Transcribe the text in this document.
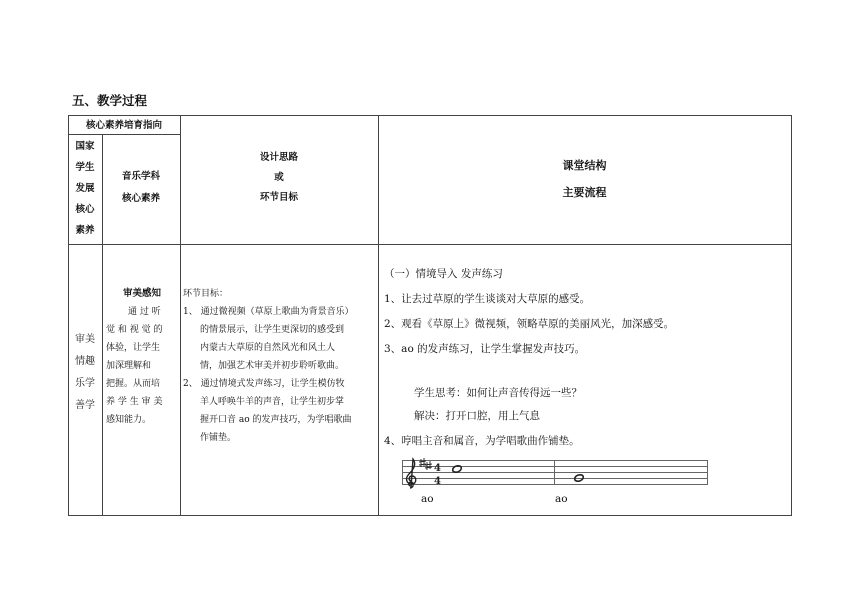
五、教学过程
核心素养培育指向
国家
学生
发展
核心
素养
音乐学科
核心素养
设计思路
或
环节目标
课堂结构
主要流程
审美
情趣
乐学
善学
审美感知
通 过 听
觉 和 视 觉 的
体验，让学生
加深理解和
把握。从而培
养 学 生 审 美
感知能力。
环节目标：
1、 通过微视频（草原上歌曲为背景音乐）
的情景展示，让学生更深切的感受到
内蒙古大草原的自然风光和风土人
情，加强艺术审美并初步聆听歌曲。
2、 通过情境式发声练习，让学生模仿牧
羊人呼唤牛羊的声音，让学生初步掌
握开口音 ao 的发声技巧，为学唱歌曲
作铺垫。
（一）情境导入 发声练习
1、让去过草原的学生谈谈对大草原的感受。
2、观看《草原上》微视频，领略草原的美丽风光，加深感受。
3、ao 的发声练习，让学生掌握发声技巧。
学生思考：如何让声音传得远一些？
解决：打开口腔，用上气息
4、哼唱主音和属音，为学唱歌曲作铺垫。
4
4
ao	ao
